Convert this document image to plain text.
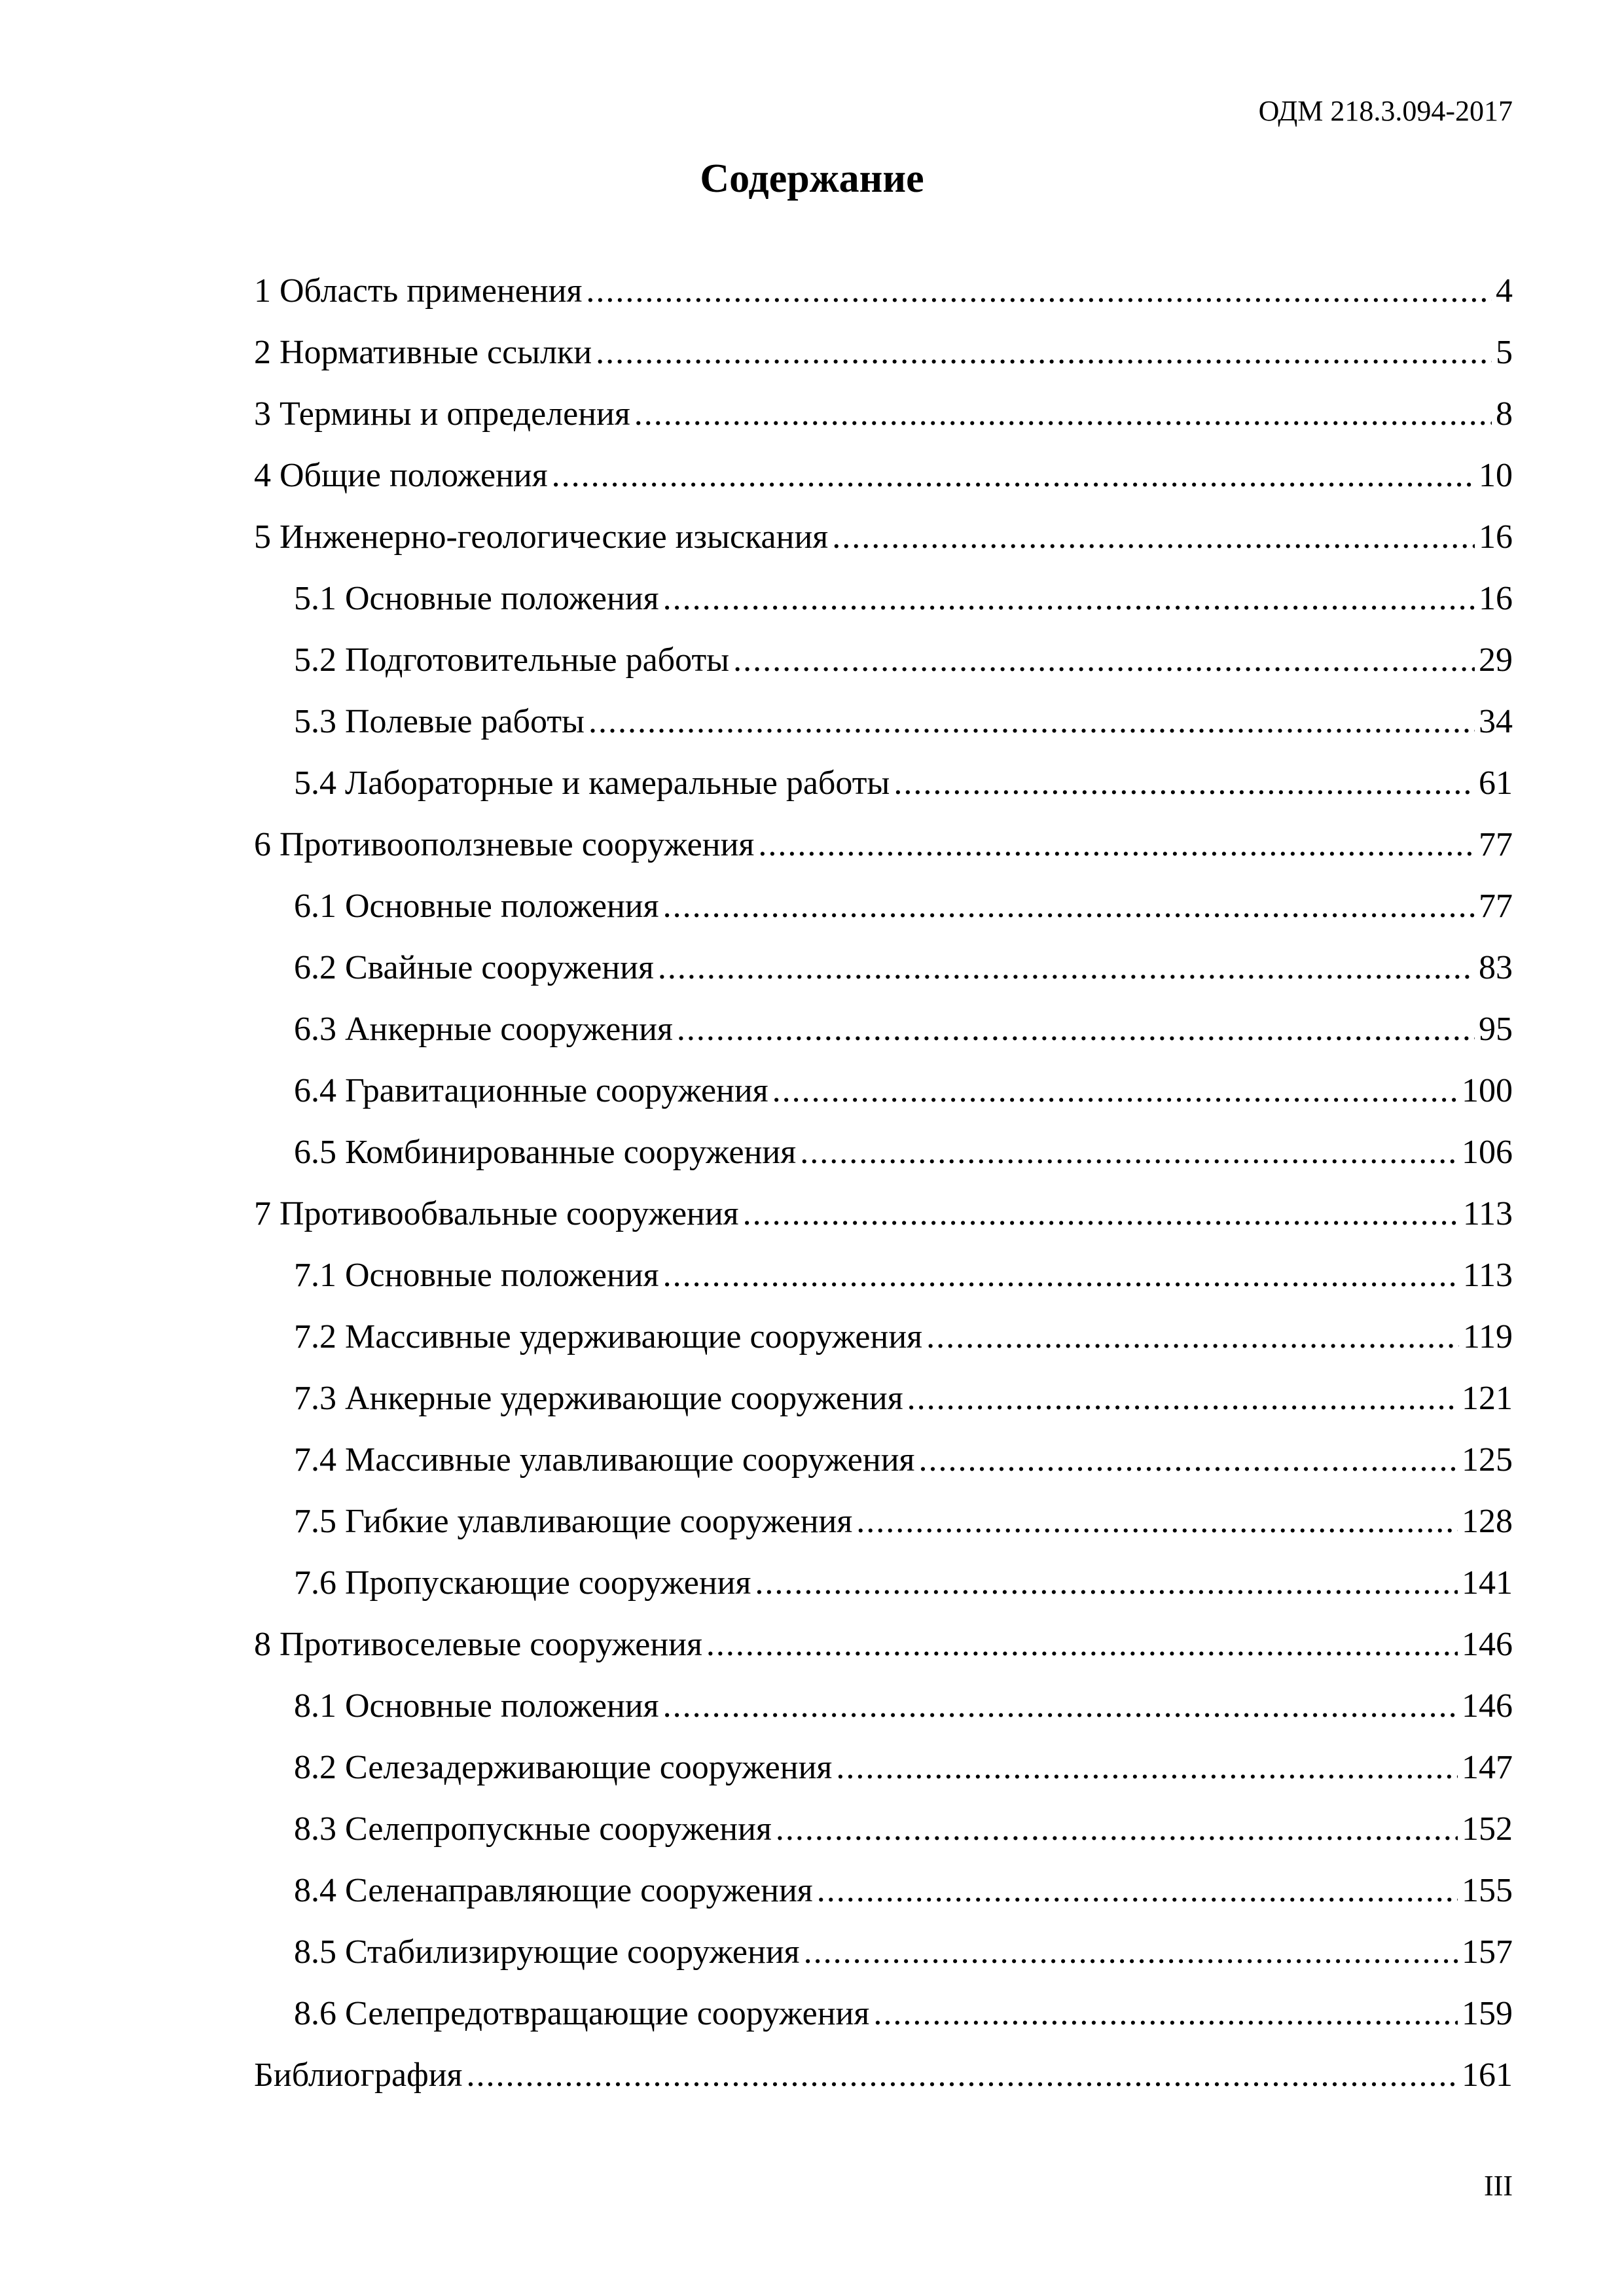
ОДМ 218.3.094-2017
Содержание
1 Область применения .....	4
2 Нормативные ссылки .....	5
3 Термины и определения .....	8
4 Общие положения .....	10
5 Инженерно-геологические изыскания .....	16
5.1 Основные положения .....	16
5.2 Подготовительные работы .....	29
5.3 Полевые работы .....	34
5.4 Лабораторные и камеральные работы .....	61
6 Противооползневые сооружения .....	77
6.1 Основные положения .....	77
6.2 Свайные сооружения .....	83
6.3 Анкерные сооружения .....	95
6.4 Гравитационные сооружения .....	100
6.5 Комбинированные сооружения .....	106
7 Противообвальные сооружения .....	113
7.1 Основные положения .....	113
7.2 Массивные удерживающие сооружения .....	119
7.3 Анкерные удерживающие сооружения .....	121
7.4 Массивные улавливающие сооружения .....	125
7.5 Гибкие улавливающие сооружения .....	128
7.6 Пропускающие сооружения .....	141
8 Противоселевые сооружения .....	146
8.1 Основные положения .....	146
8.2 Селезадерживающие сооружения .....	147
8.3 Селепропускные сооружения .....	152
8.4 Селенаправляющие сооружения .....	155
8.5 Стабилизирующие сооружения .....	157
8.6 Селепредотвращающие сооружения .....	159
Библиография .....	161
III
